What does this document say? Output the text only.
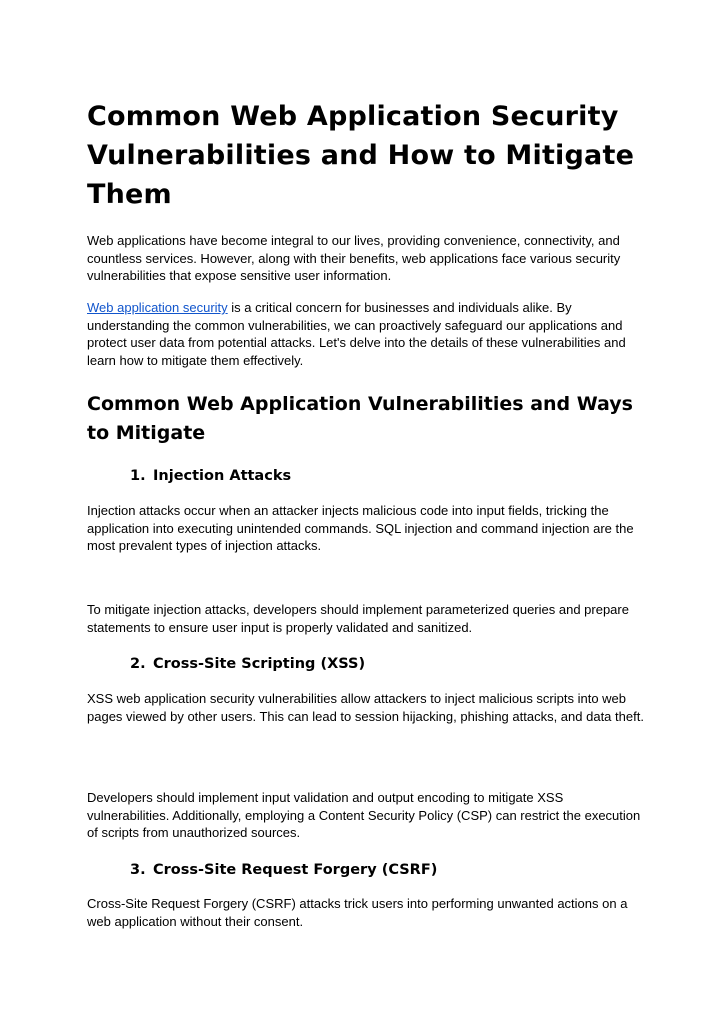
Common Web Application Security Vulnerabilities and How to Mitigate Them

Web applications have become integral to our lives, providing convenience, connectivity, and countless services. However, along with their benefits, web applications face various security vulnerabilities that expose sensitive user information.

Web application security is a critical concern for businesses and individuals alike. By understanding the common vulnerabilities, we can proactively safeguard our applications and protect user data from potential attacks. Let's delve into the details of these vulnerabilities and learn how to mitigate them effectively.

Common Web Application Vulnerabilities and Ways to Mitigate
1. Injection Attacks

Injection attacks occur when an attacker injects malicious code into input fields, tricking the application into executing unintended commands. SQL injection and command injection are the most prevalent types of injection attacks.

To mitigate injection attacks, developers should implement parameterized queries and prepare statements to ensure user input is properly validated and sanitized.

2. Cross-Site Scripting (XSS)

XSS web application security vulnerabilities allow attackers to inject malicious scripts into web pages viewed by other users. This can lead to session hijacking, phishing attacks, and data theft.

Developers should implement input validation and output encoding to mitigate XSS vulnerabilities. Additionally, employing a Content Security Policy (CSP) can restrict the execution of scripts from unauthorized sources.

3. Cross-Site Request Forgery (CSRF)

Cross-Site Request Forgery (CSRF) attacks trick users into performing unwanted actions on a web application without their consent.
